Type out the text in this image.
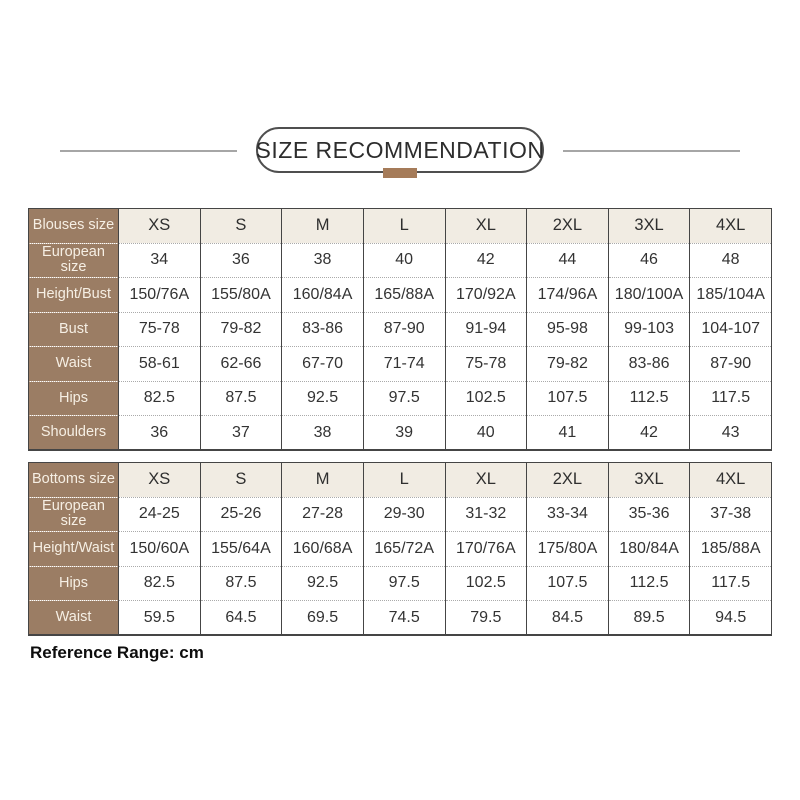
SIZE RECOMMENDATION
Blouses size	XS	S	M	L	XL	2XL	3XL	4XL
European size	34	36	38	40	42	44	46	48
Height/Bust	150/76A	155/80A	160/84A	165/88A	170/92A	174/96A	180/100A	185/104A
Bust	75-78	79-82	83-86	87-90	91-94	95-98	99-103	104-107
Waist	58-61	62-66	67-70	71-74	75-78	79-82	83-86	87-90
Hips	82.5	87.5	92.5	97.5	102.5	107.5	112.5	117.5
Shoulders	36	37	38	39	40	41	42	43
Bottoms size	XS	S	M	L	XL	2XL	3XL	4XL
European size	24-25	25-26	27-28	29-30	31-32	33-34	35-36	37-38
Height/Waist	150/60A	155/64A	160/68A	165/72A	170/76A	175/80A	180/84A	185/88A
Hips	82.5	87.5	92.5	97.5	102.5	107.5	112.5	117.5
Waist	59.5	64.5	69.5	74.5	79.5	84.5	89.5	94.5
Reference Range: cm
